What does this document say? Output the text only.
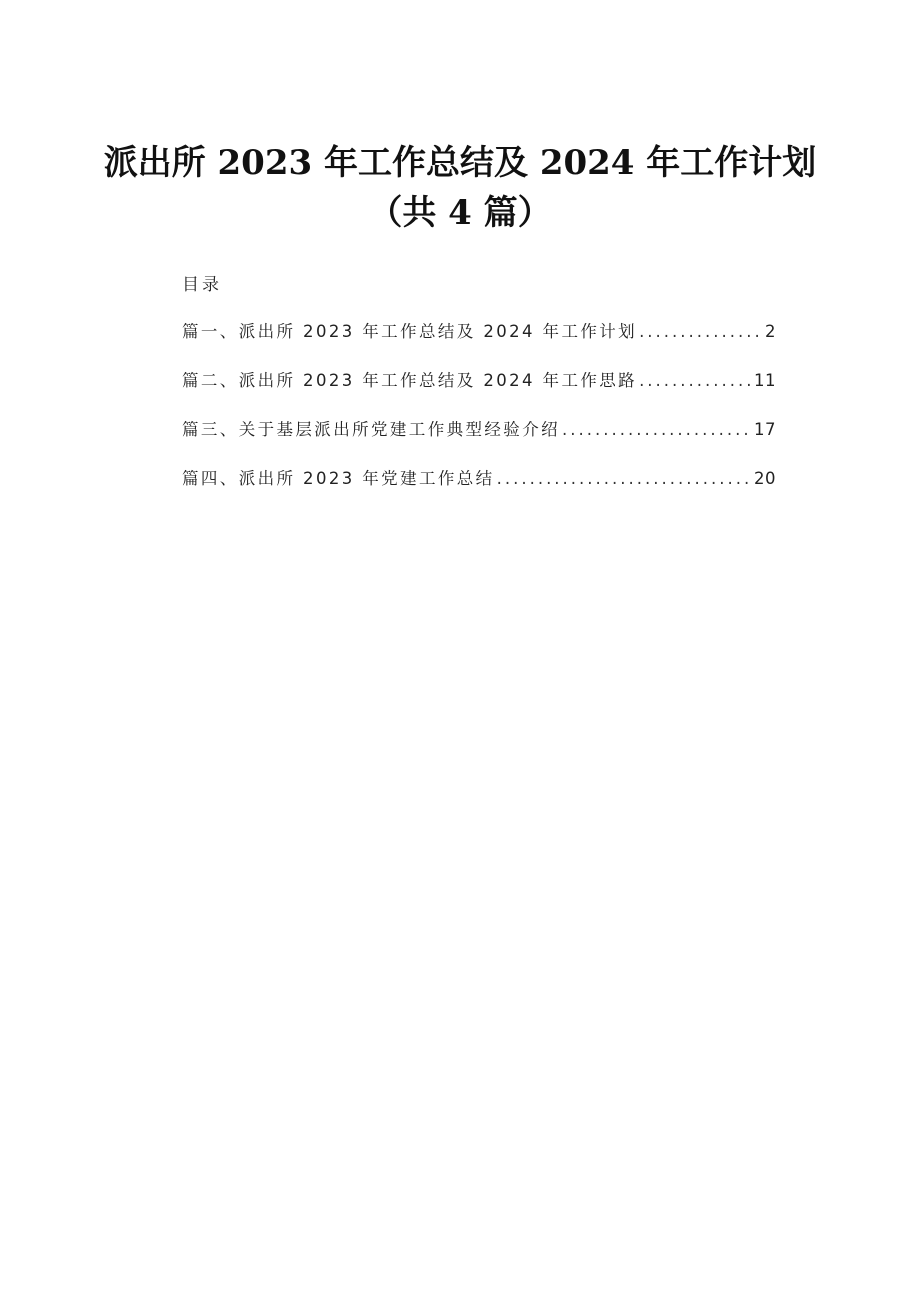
派出所 2023 年工作总结及 2024 年工作计划
（共 4 篇）
目录
篇一、派出所 2023 年工作总结及 2024 年工作计划 .....	2
篇二、派出所 2023 年工作总结及 2024 年工作思路 .....	11
篇三、关于基层派出所党建工作典型经验介绍 .....	17
篇四、派出所 2023 年党建工作总结 .....	20
